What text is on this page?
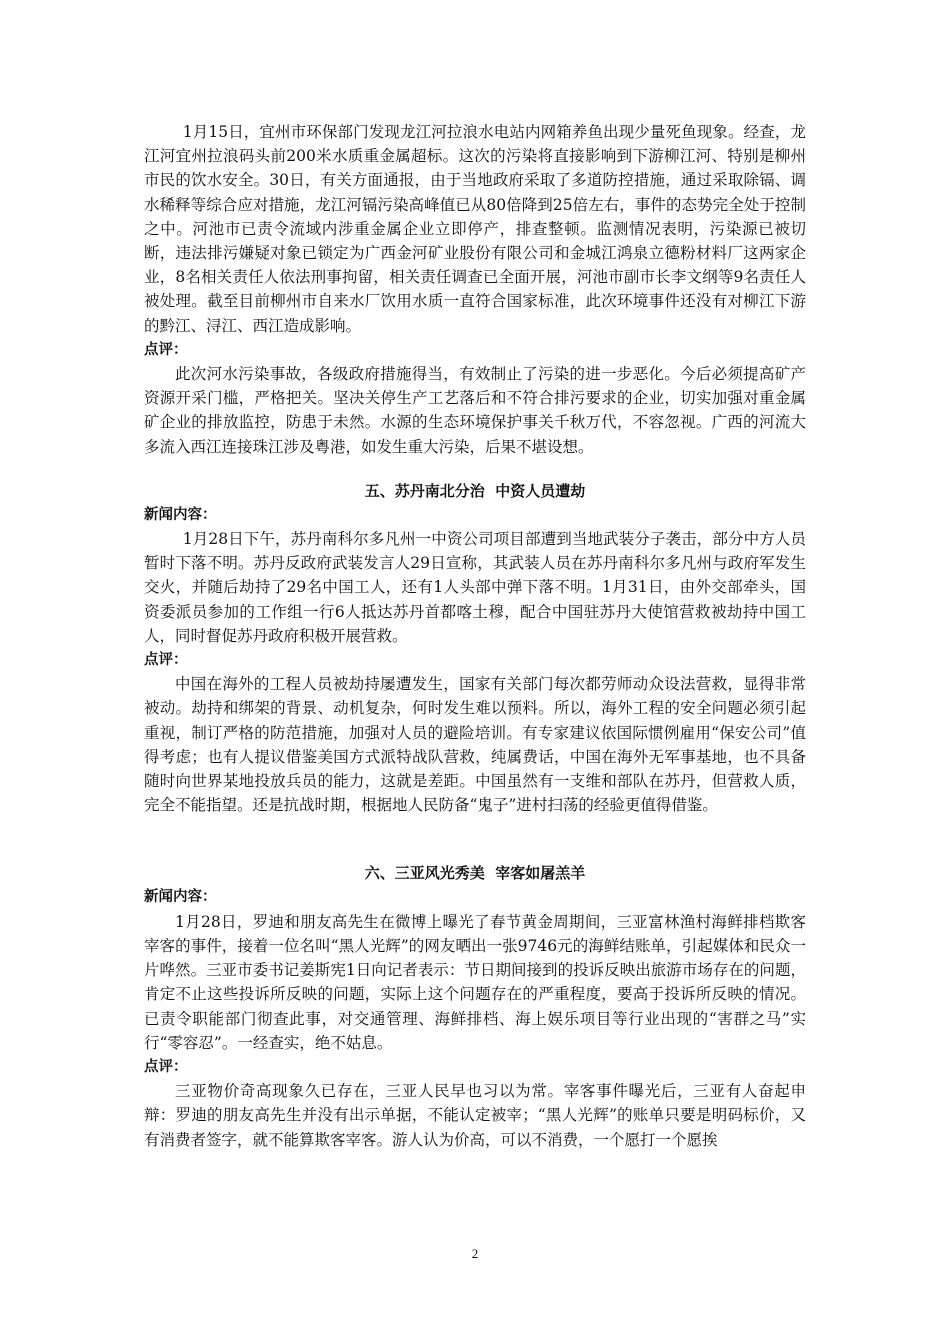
1月15日，宜州市环保部门发现龙江河拉浪水电站内网箱养鱼出现少量死鱼现象。经查，龙江河宜州拉浪码头前200米水质重金属超标。这次的污染将直接影响到下游柳江河、特别是柳州市民的饮水安全。30日，有关方面通报，由于当地政府采取了多道防控措施，通过采取除镉、调水稀释等综合应对措施，龙江河镉污染高峰值已从80倍降到25倍左右，事件的态势完全处于控制之中。河池市已责令流域内涉重金属企业立即停产，排查整顿。监测情况表明，污染源已被切断，违法排污嫌疑对象已锁定为广西金河矿业股份有限公司和金城江鸿泉立德粉材料厂这两家企业，8名相关责任人依法刑事拘留，相关责任调查已全面开展，河池市副市长李文纲等9名责任人被处理。截至目前柳州市自来水厂饮用水质一直符合国家标准，此次环境事件还没有对柳江下游的黔江、浔江、西江造成影响。

点评：

此次河水污染事故，各级政府措施得当，有效制止了污染的进一步恶化。今后必须提高矿产资源开采门槛，严格把关。坚决关停生产工艺落后和不符合排污要求的企业，切实加强对重金属矿企业的排放监控，防患于未然。水源的生态环境保护事关千秋万代，不容忽视。广西的河流大多流入西江连接珠江涉及粤港，如发生重大污染，后果不堪设想。

五、苏丹南北分治  中资人员遭劫

新闻内容：

1月28日下午，苏丹南科尔多凡州一中资公司项目部遭到当地武装分子袭击，部分中方人员暂时下落不明。苏丹反政府武装发言人29日宣称，其武装人员在苏丹南科尔多凡州与政府军发生交火，并随后劫持了29名中国工人，还有1人头部中弹下落不明。1月31日，由外交部牵头，国资委派员参加的工作组一行6人抵达苏丹首都喀土穆，配合中国驻苏丹大使馆营救被劫持中国工人，同时督促苏丹政府积极开展营救。

点评：

中国在海外的工程人员被劫持屡遭发生，国家有关部门每次都劳师动众设法营救，显得非常被动。劫持和绑架的背景、动机复杂，何时发生难以预料。所以，海外工程的安全问题必须引起重视，制订严格的防范措施，加强对人员的避险培训。有专家建议依国际惯例雇用“保安公司”值得考虑；也有人提议借鉴美国方式派特战队营救，纯属费话，中国在海外无军事基地，也不具备随时向世界某地投放兵员的能力，这就是差距。中国虽然有一支维和部队在苏丹，但营救人质，完全不能指望。还是抗战时期，根据地人民防备“鬼子”进村扫荡的经验更值得借鉴。

六、三亚风光秀美  宰客如屠羔羊

新闻内容：

1月28日，罗迪和朋友高先生在微博上曝光了春节黄金周期间，三亚富林渔村海鲜排档欺客宰客的事件，接着一位名叫“黑人光辉”的网友晒出一张9746元的海鲜结账单，引起媒体和民众一片哗然。三亚市委书记姜斯宪1日向记者表示：节日期间接到的投诉反映出旅游市场存在的问题，肯定不止这些投诉所反映的问题，实际上这个问题存在的严重程度，要高于投诉所反映的情况。已责令职能部门彻查此事，对交通管理、海鲜排档、海上娱乐项目等行业出现的“害群之马”实行“零容忍”。一经查实，绝不姑息。

点评：

三亚物价奇高现象久已存在，三亚人民早也习以为常。宰客事件曝光后，三亚有人奋起申辩：罗迪的朋友高先生并没有出示单据，不能认定被宰；“黑人光辉”的账单只要是明码标价，又有消费者签字，就不能算欺客宰客。游人认为价高，可以不消费，一个愿打一个愿挨

2
